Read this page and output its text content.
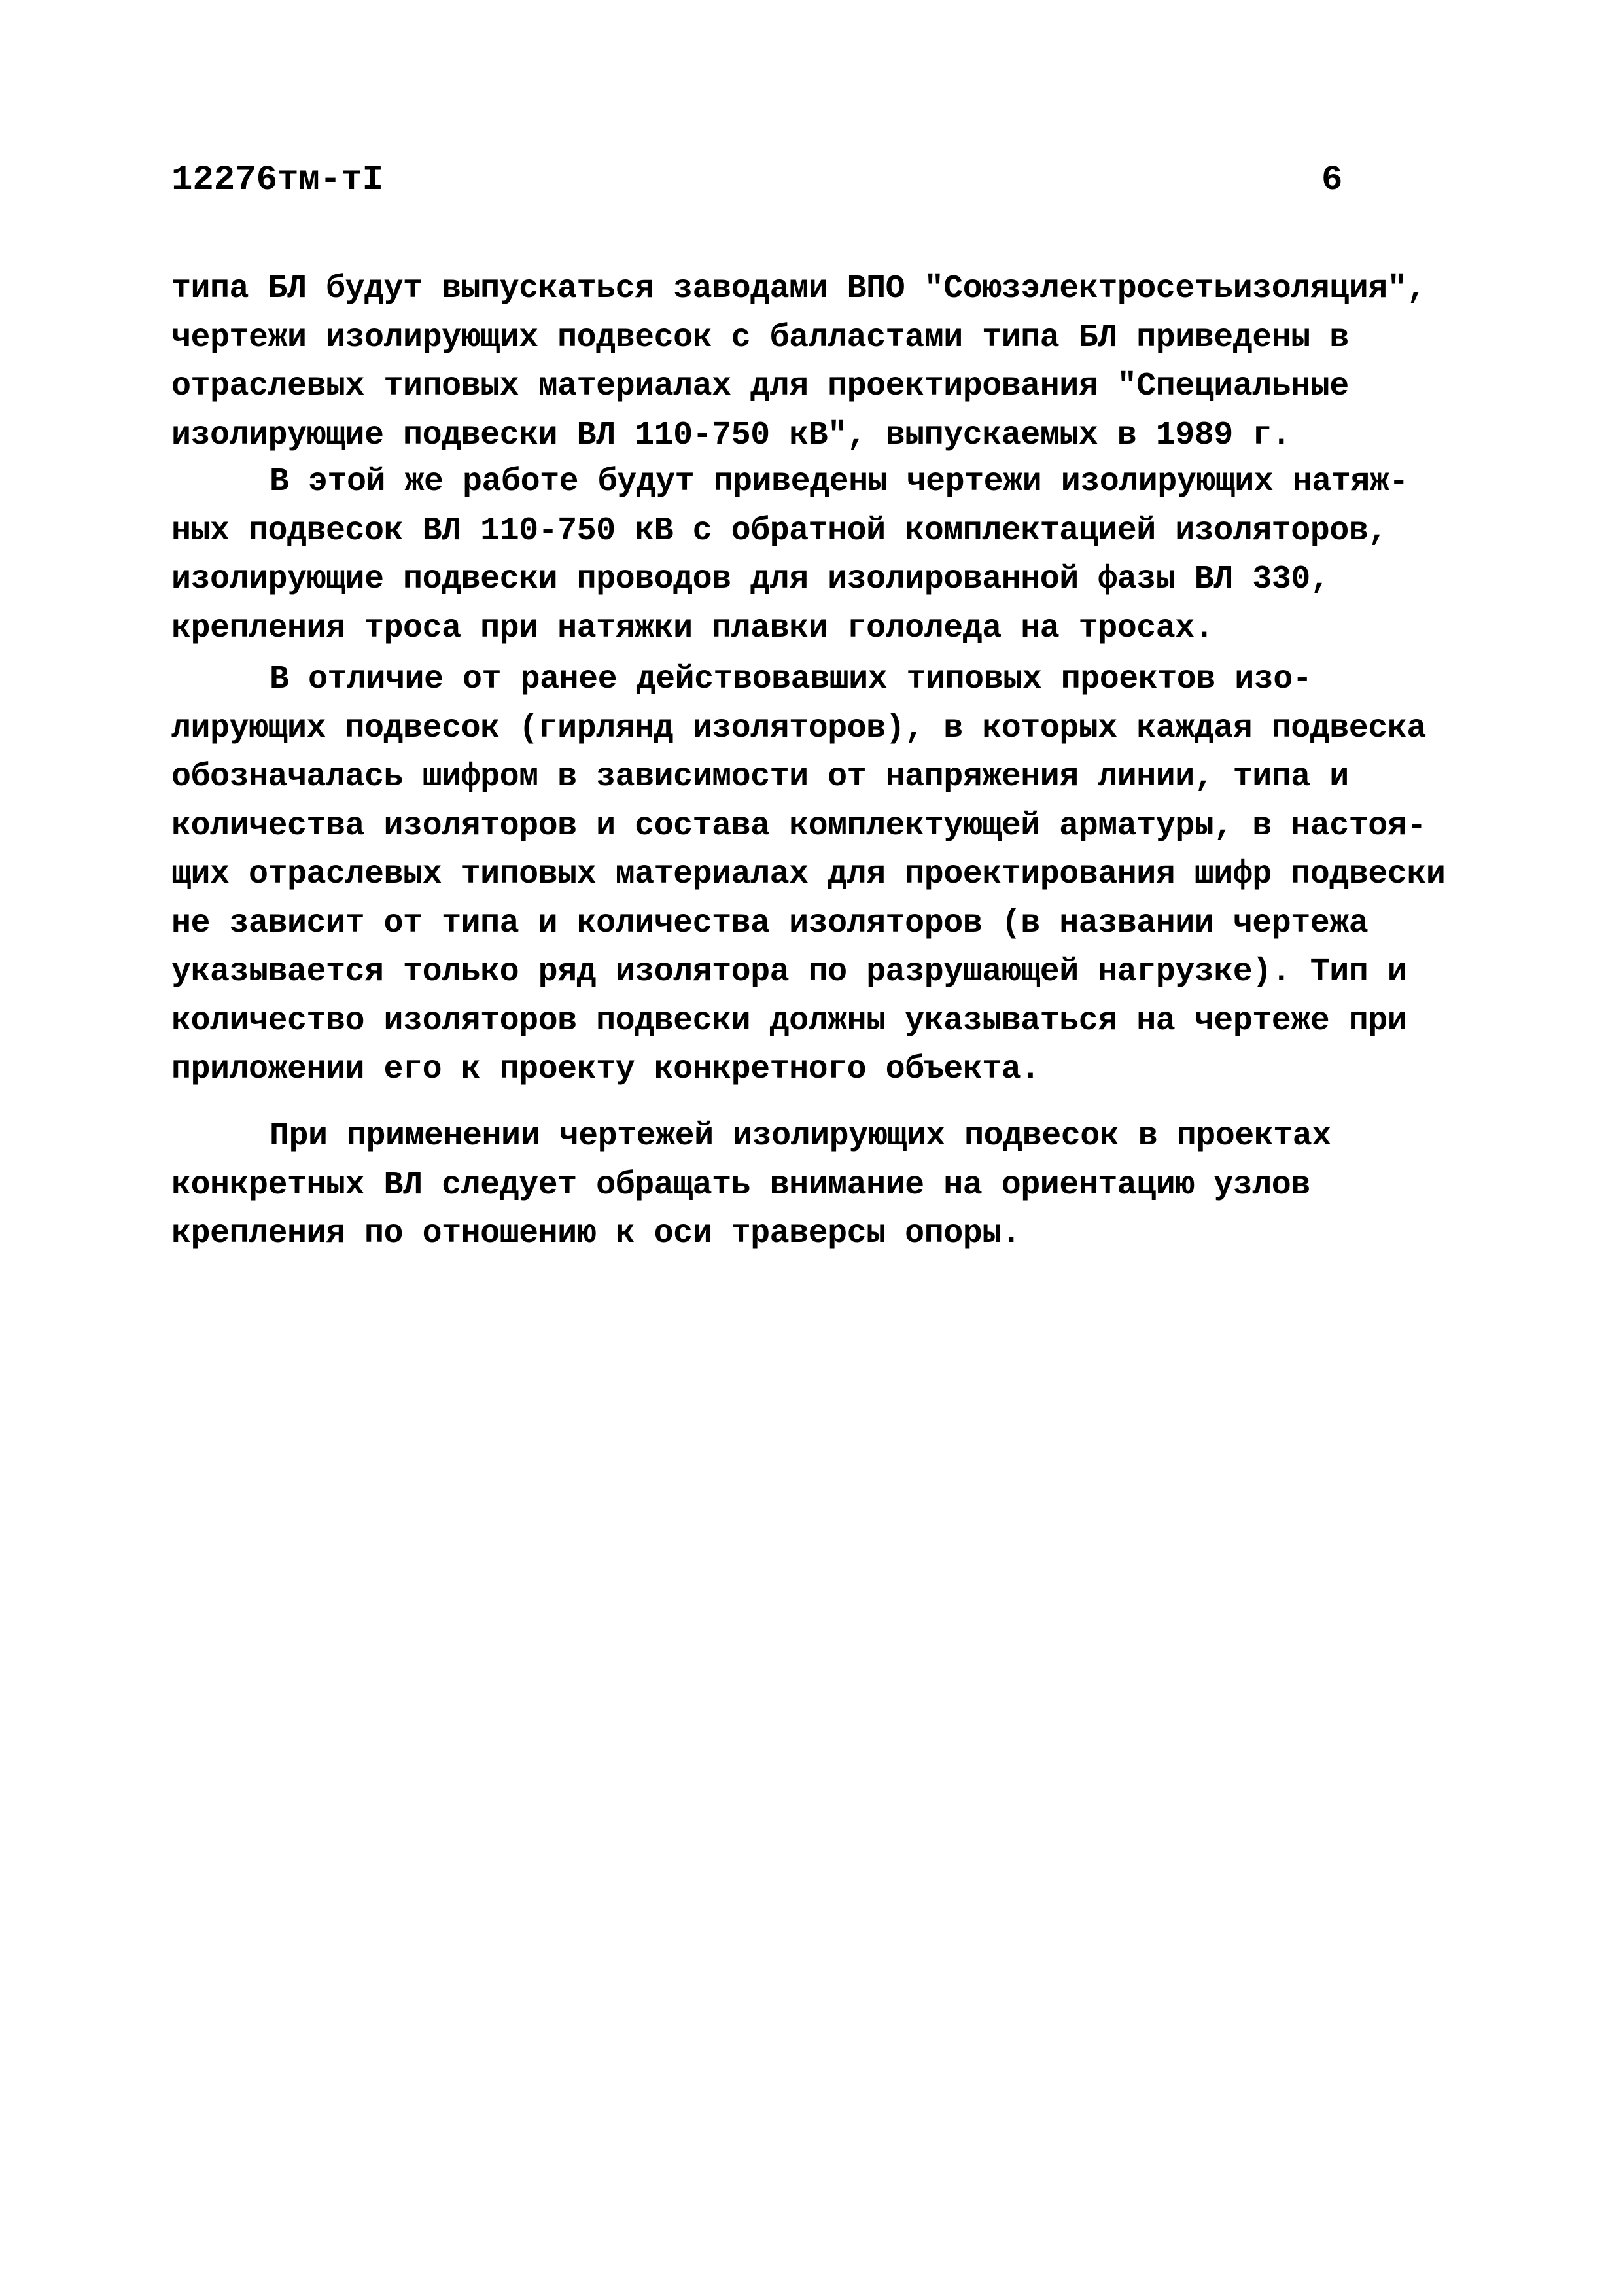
12276тм-тI	6
типа БЛ будут выпускаться заводами ВПО "Союзэлектросетьизоляция",
чертежи изолирующих подвесок с балластами типа БЛ приведены в
отраслевых типовых материалах для проектирования "Специальные
изолирующие подвески ВЛ 110-750 кВ", выпускаемых в 1989 г.
В этой же работе будут приведены чертежи изолирующих натяж-
ных подвесок ВЛ 110-750 кВ с обратной комплектацией изоляторов,
изолирующие подвески проводов для изолированной фазы ВЛ 330,
крепления троса при натяжки плавки гололеда на тросах.
В отличие от ранее действовавших типовых проектов изо-
лирующих подвесок (гирлянд изоляторов), в которых каждая подвеска
обозначалась шифром в зависимости от напряжения линии, типа и
количества изоляторов и состава комплектующей арматуры, в настоя-
щих отраслевых типовых материалах для проектирования шифр подвески
не зависит от типа и количества изоляторов (в названии чертежа
указывается только ряд изолятора по разрушающей нагрузке). Тип и
количество изоляторов подвески должны указываться на чертеже при
приложении его к проекту конкретного объекта.
При применении чертежей изолирующих подвесок в проектах
конкретных ВЛ следует обращать внимание на ориентацию узлов
крепления по отношению к оси траверсы опоры.
